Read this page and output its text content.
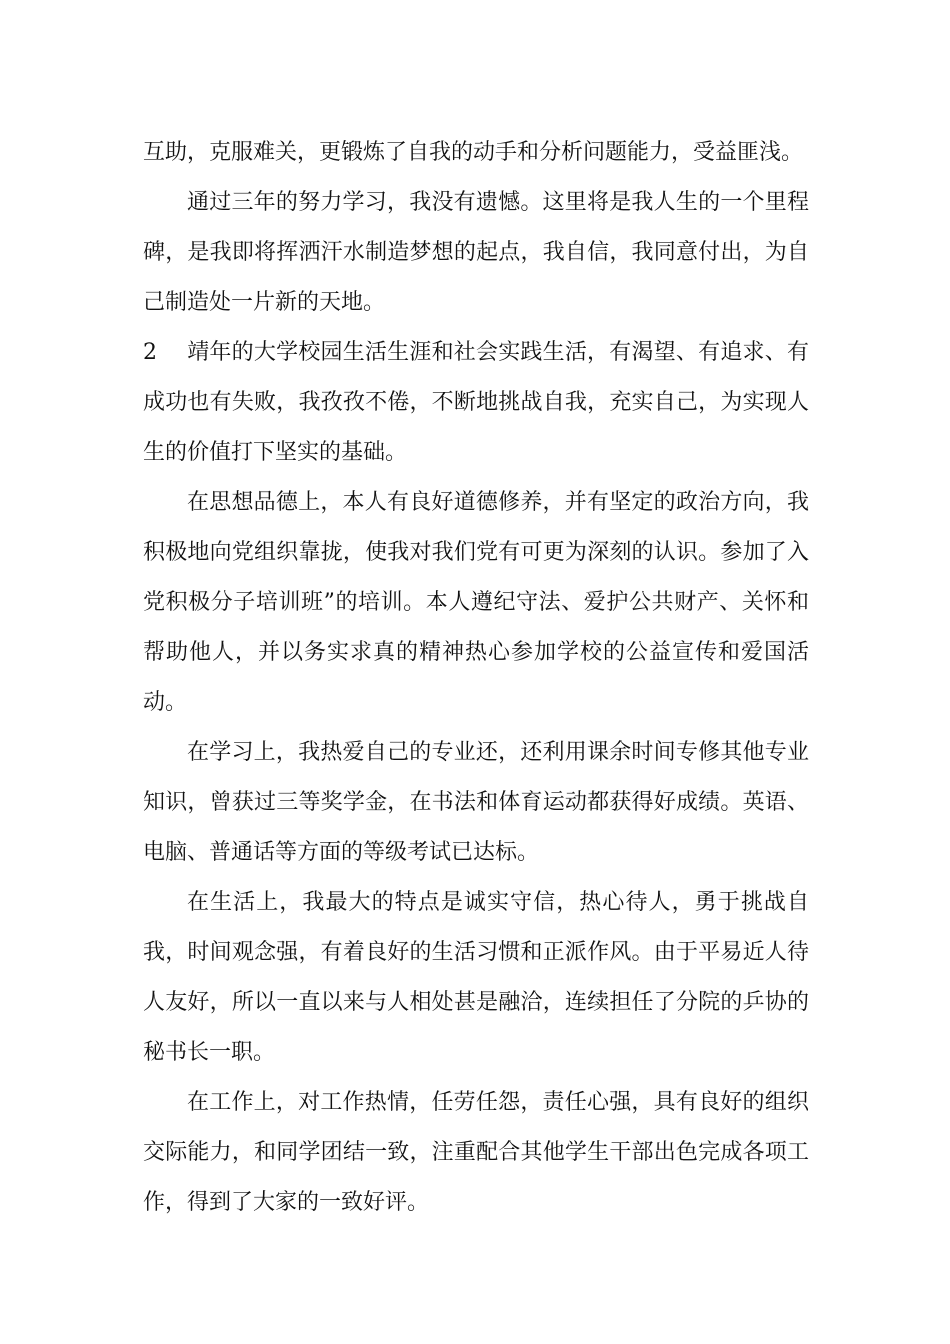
互助，克服难关，更锻炼了自我的动手和分析问题能力，受益匪浅。

通过三年的努力学习，我没有遗憾。这里将是我人生的一个里程碑，是我即将挥洒汗水制造梦想的起点，我自信，我同意付出，为自己制造处一片新的天地。

2 靖年的大学校园生活生涯和社会实践生活，有渴望、有追求、有成功也有失败，我孜孜不倦，不断地挑战自我，充实自己，为实现人生的价值打下坚实的基础。

在思想品德上，本人有良好道德修养，并有坚定的政治方向，我积极地向党组织靠拢，使我对我们党有可更为深刻的认识。参加了入党积极分子培训班”的培训。本人遵纪守法、爱护公共财产、关怀和帮助他人，并以务实求真的精神热心参加学校的公益宣传和爱国活动。

在学习上，我热爱自己的专业还，还利用课余时间专修其他专业知识，曾获过三等奖学金，在书法和体育运动都获得好成绩。英语、电脑、普通话等方面的等级考试已达标。

在生活上，我最大的特点是诚实守信，热心待人，勇于挑战自我，时间观念强，有着良好的生活习惯和正派作风。由于平易近人待人友好，所以一直以来与人相处甚是融洽，连续担任了分院的乒协的秘书长一职。

在工作上，对工作热情，任劳任怨，责任心强，具有良好的组织交际能力，和同学团结一致，注重配合其他学生干部出色完成各项工作，得到了大家的一致好评。
